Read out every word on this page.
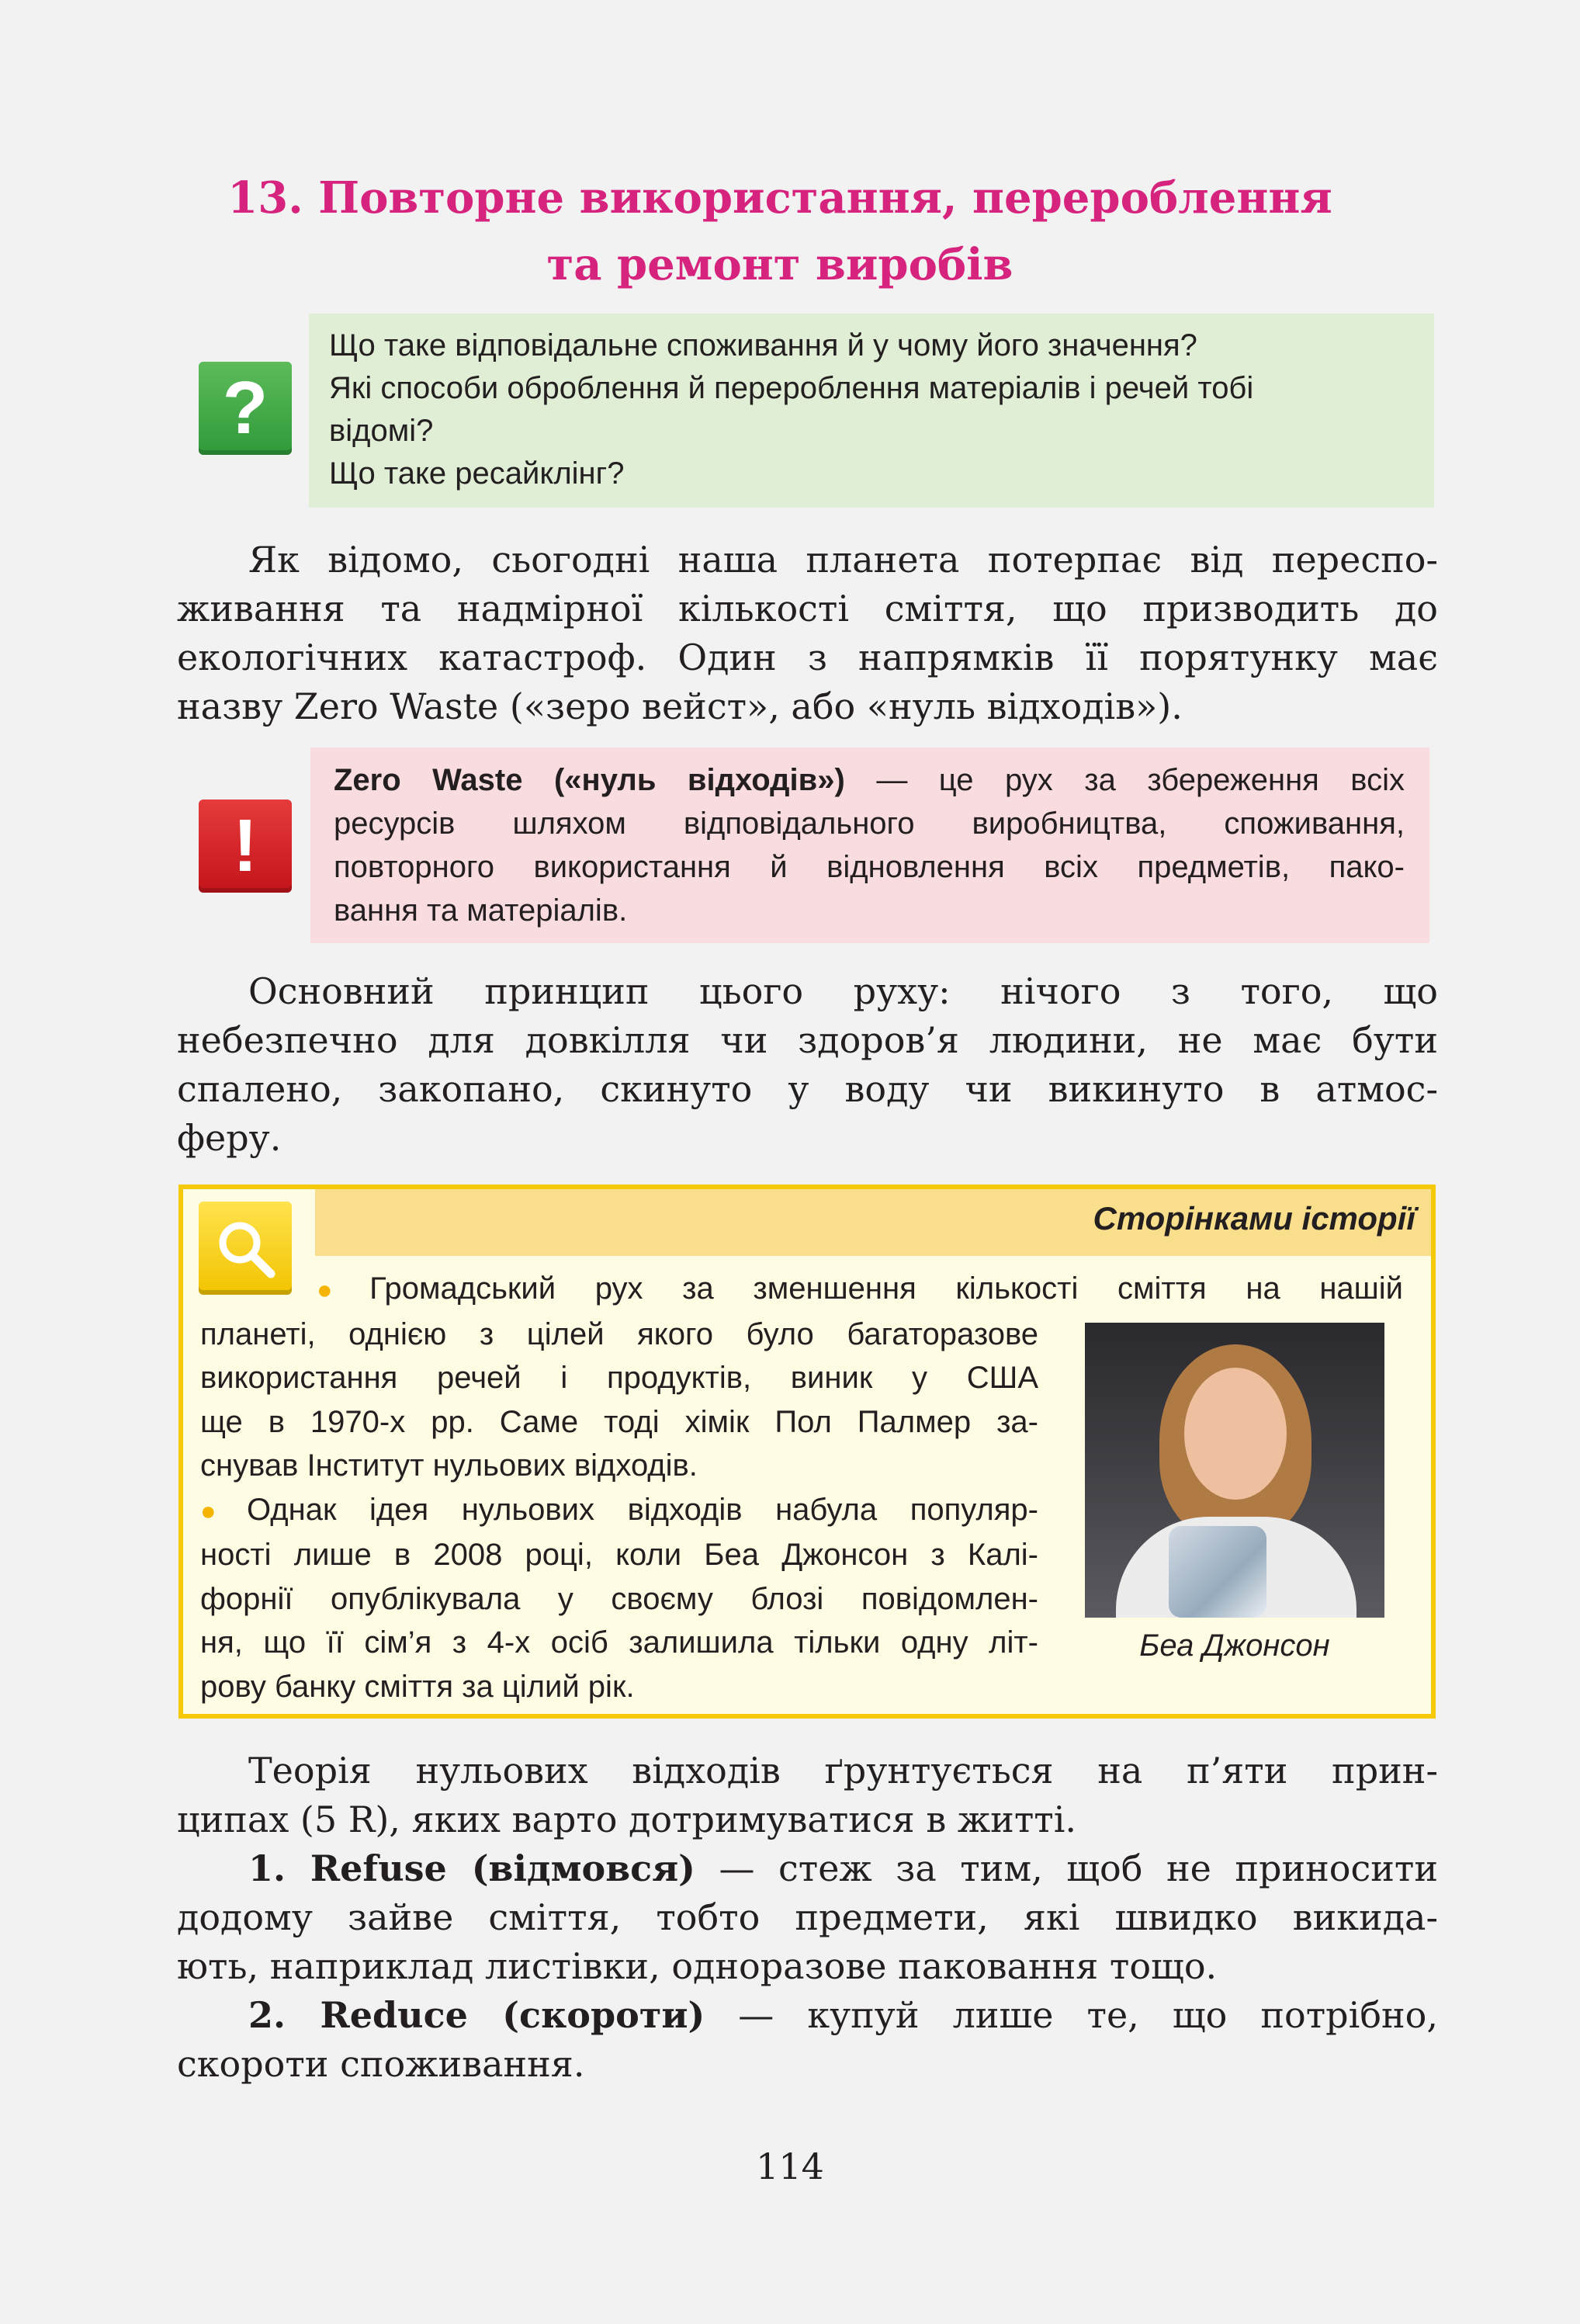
13. Повторне використання, перероблення
та ремонт виробів
?
Що таке відповідальне споживання й у чому його значення?
Які способи оброблення й перероблення матеріалів і речей тобі
відомі?
Що таке ресайклінг?
Як відомо, сьогодні наша планета потерпає від переспо-
живання та надмірної кількості сміття, що призводить до
екологічних катастроф. Один з напрямків її порятунку має
назву Zero Waste («зеро вейст», або «нуль відходів»).
!
Zero Waste («нуль відходів») — це рух за збереження всіх
ресурсів шляхом відповідального виробництва, споживання,
повторного використання й відновлення всіх предметів, пако-
вання та матеріалів.
Основний принцип цього руху: нічого з того, що
небезпечно для довкілля чи здоров’я людини, не має бути
спалено, закопано, скинуто у воду чи викинуто в атмос-
феру.
Сторінками історії
● Громадський рух за зменшення кількості сміття на нашій
планеті, однією з цілей якого було багаторазове
використання речей і продуктів, виник у США
ще в 1970-х рр. Саме тоді хімік Пол Палмер за-
снував Інститут нульових відходів.
● Однак ідея нульових відходів набула популяр-
ності лише в 2008 році, коли Беа Джонсон з Калі-
форнії опублікувала у своєму блозі повідомлен-
ня, що її сім’я з 4-х осіб залишила тільки одну літ-
рову банку сміття за цілий рік.
Беа Джонсон
Теорія нульових відходів ґрунтується на п’яти прин-
ципах (5 R), яких варто дотримуватися в житті.
1. Refuse (відмовся) — стеж за тим, щоб не приносити
додому зайве сміття, тобто предмети, які швидко викида-
ють, наприклад листівки, одноразове паковання тощо.
2. Reduce (скороти) — купуй лише те, що потрібно,
скороти споживання.
114
